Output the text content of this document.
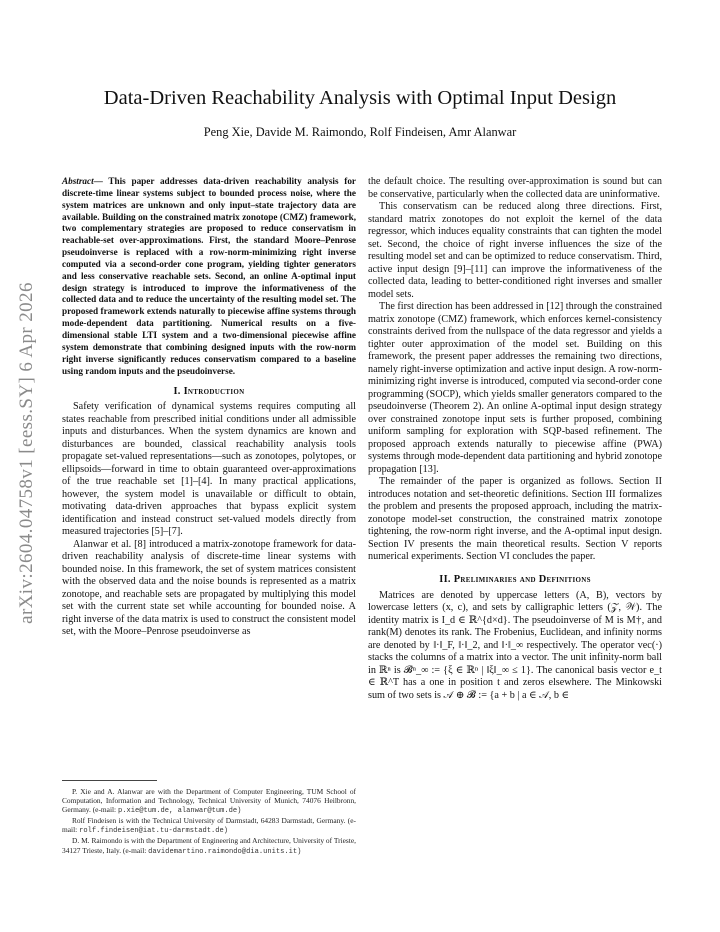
arXiv:2604.04758v1 [eess.SY] 6 Apr 2026
Data-Driven Reachability Analysis with Optimal Input Design
Peng Xie, Davide M. Raimondo, Rolf Findeisen, Amr Alanwar

Abstract— This paper addresses data-driven reachability analysis for discrete-time linear systems subject to bounded process noise, where the system matrices are unknown and only input–state trajectory data are available. Building on the constrained matrix zonotope (CMZ) framework, two complementary strategies are proposed to reduce conservatism in reachable-set over-approximations. First, the standard Moore–Penrose pseudoinverse is replaced with a row-norm-minimizing right inverse computed via a second-order cone program, yielding tighter generators and less conservative reachable sets. Second, an online A-optimal input design strategy is introduced to improve the informativeness of the collected data and to reduce the uncertainty of the resulting model set. The proposed framework extends naturally to piecewise affine systems through mode-dependent data partitioning. Numerical results on a five-dimensional stable LTI system and a two-dimensional piecewise affine system demonstrate that combining designed inputs with the row-norm right inverse significantly reduces conservatism compared to a baseline using random inputs and the pseudoinverse.

I. Introduction

Safety verification of dynamical systems requires computing all states reachable from prescribed initial conditions under all admissible inputs and disturbances. When the system dynamics are known and disturbances are bounded, classical reachability analysis tools propagate set-valued representations—such as zonotopes, polytopes, or ellipsoids—forward in time to obtain guaranteed over-approximations of the true reachable set [1]–[4]. In many practical applications, however, the system model is unavailable or difficult to obtain, motivating data-driven approaches that bypass explicit system identification and instead construct set-valued models directly from measured trajectories [5]–[7].

Alanwar et al. [8] introduced a matrix-zonotope framework for data-driven reachability analysis of discrete-time linear systems with bounded noise. In this framework, the set of system matrices consistent with the observed data and the noise bounds is represented as a matrix zonotope, and reachable sets are propagated by multiplying this model set with the current state set while accounting for bounded noise. A right inverse of the data matrix is used to construct the consistent model set, with the Moore–Penrose pseudoinverse as

P. Xie and A. Alanwar are with the Department of Computer Engineering, TUM School of Computation, Information and Technology, Technical University of Munich, 74076 Heilbronn, Germany. (e-mail: p.xie@tum.de, alanwar@tum.de)

Rolf Findeisen is with the Technical University of Darmstadt, 64283 Darmstadt, Germany. (e-mail: rolf.findeisen@iat.tu-darmstadt.de)

D. M. Raimondo is with the Department of Engineering and Architecture, University of Trieste, 34127 Trieste, Italy. (e-mail: davidemartino.raimondo@dia.units.it)

the default choice. The resulting over-approximation is sound but can be conservative, particularly when the collected data are uninformative.

This conservatism can be reduced along three directions. First, standard matrix zonotopes do not exploit the kernel of the data regressor, which induces equality constraints that can tighten the model set. Second, the choice of right inverse influences the size of the resulting model set and can be optimized to reduce conservatism. Third, active input design [9]–[11] can improve the informativeness of the collected data, leading to better-conditioned right inverses and smaller model sets.

The first direction has been addressed in [12] through the constrained matrix zonotope (CMZ) framework, which enforces kernel-consistency constraints derived from the nullspace of the data regressor and yields a tighter outer approximation of the model set. Building on this framework, the present paper addresses the remaining two directions, namely right-inverse optimization and active input design. A row-norm-minimizing right inverse is introduced, computed via second-order cone programming (SOCP), which yields smaller generators compared to the pseudoinverse (Theorem 2). An online A-optimal input design strategy over constrained zonotope input sets is further proposed, combining uniform sampling for exploration with SQP-based refinement. The proposed approach extends naturally to piecewise affine (PWA) systems through mode-dependent data partitioning and hybrid zonotope propagation [13].

The remainder of the paper is organized as follows. Section II introduces notation and set-theoretic definitions. Section III formalizes the problem and presents the proposed approach, including the matrix-zonotope model-set construction, the constrained matrix zonotope tightening, the row-norm right inverse, and the A-optimal input design. Section IV presents the main theoretical results. Section V reports numerical experiments. Section VI concludes the paper.

II. Preliminaries and Definitions

Matrices are denoted by uppercase letters (A, B), vectors by lowercase letters (x, c), and sets by calligraphic letters (𝒵, 𝒲). The identity matrix is I_d ∈ ℝ^{d×d}. The pseudoinverse of M is M†, and rank(M) denotes its rank. The Frobenius, Euclidean, and infinity norms are denoted by ‖·‖_F, ‖·‖_2, and ‖·‖_∞ respectively. The operator vec(·) stacks the columns of a matrix into a vector. The unit infinity-norm ball in ℝⁿ is 𝓑ⁿ_∞ := {ξ ∈ ℝⁿ | ‖ξ‖_∞ ≤ 1}. The canonical basis vector e_t ∈ ℝ^T has a one in position t and zeros elsewhere. The Minkowski sum of two sets is 𝒜 ⊕ 𝓑 := {a + b | a ∈ 𝒜, b ∈
